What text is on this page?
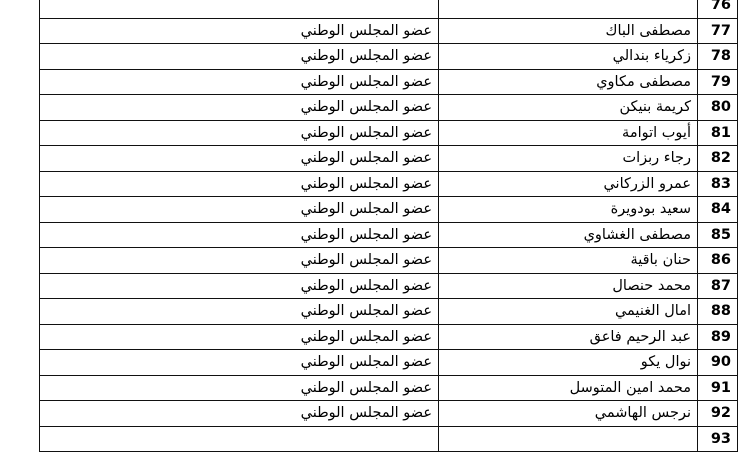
		76
عضو المجلس الوطني	مصطفى الباك	77
عضو المجلس الوطني	زكرياء بندالي	78
عضو المجلس الوطني	مصطفى مكاوي	79
عضو المجلس الوطني	كريمة بنيكن	80
عضو المجلس الوطني	أيوب اتوامة	81
عضو المجلس الوطني	رجاء ربزات	82
عضو المجلس الوطني	عمرو الزركاني	83
عضو المجلس الوطني	سعيد بودويرة	84
عضو المجلس الوطني	مصطفى الغشاوي	85
عضو المجلس الوطني	حنان باقية	86
عضو المجلس الوطني	محمد حنصال	87
عضو المجلس الوطني	امال الغنيمي	88
عضو المجلس الوطني	عبد الرحيم فاعق	89
عضو المجلس الوطني	نوال يكو	90
عضو المجلس الوطني	محمد امين المتوسل	91
عضو المجلس الوطني	نرجس الهاشمي	92
		93
